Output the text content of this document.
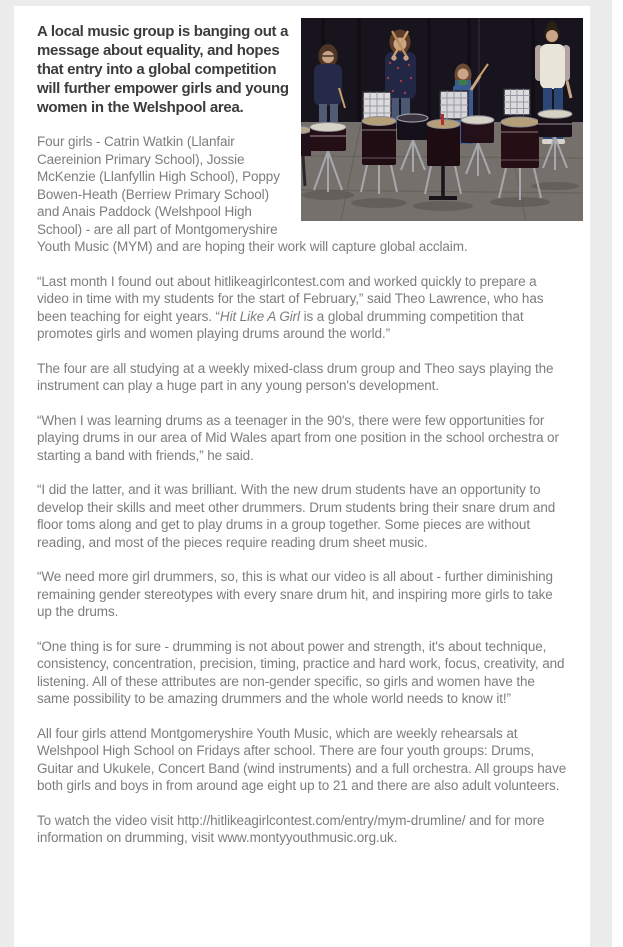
A local music group is banging out a message about equality, and hopes that entry into a global competition will further empower girls and young women in the Welshpool area.

Four girls - Catrin Watkin (Llanfair Caereinion Primary School), Jossie McKenzie (Llanfyllin High School), Poppy Bowen-Heath (Berriew Primary School) and Anais Paddock (Welshpool High School) - are all part of Montgomeryshire Youth Music (MYM) and are hoping their work will capture global acclaim.

“Last month I found out about hitlikeagirlcontest.com and worked quickly to prepare a video in time with my students for the start of February,” said Theo Lawrence, who has been teaching for eight years. “Hit Like A Girl is a global drumming competition that promotes girls and women playing drums around the world.”

The four are all studying at a weekly mixed-class drum group and Theo says playing the instrument can play a huge part in any young person's development.

“When I was learning drums as a teenager in the 90's, there were few opportunities for playing drums in our area of Mid Wales apart from one position in the school orchestra or starting a band with friends,” he said.

“I did the latter, and it was brilliant. With the new drum students have an opportunity to develop their skills and meet other drummers. Drum students bring their snare drum and floor toms along and get to play drums in a group together. Some pieces are without reading, and most of the pieces require reading drum sheet music.

“We need more girl drummers, so, this is what our video is all about - further diminishing remaining gender stereotypes with every snare drum hit, and inspiring more girls to take up the drums.

“One thing is for sure - drumming is not about power and strength, it's about technique, consistency, concentration, precision, timing, practice and hard work, focus, creativity, and listening. All of these attributes are non-gender specific, so girls and women have the same possibility to be amazing drummers and the whole world needs to know it!”

All four girls attend Montgomeryshire Youth Music, which are weekly rehearsals at Welshpool High School on Fridays after school. There are four youth groups: Drums, Guitar and Ukukele, Concert Band (wind instruments) and a full orchestra. All groups have both girls and boys in from around age eight up to 21 and there are also adult volunteers.

To watch the video visit http://hitlikeagirlcontest.com/entry/mym-drumline/ and for more information on drumming, visit www.montyyouthmusic.org.uk.
